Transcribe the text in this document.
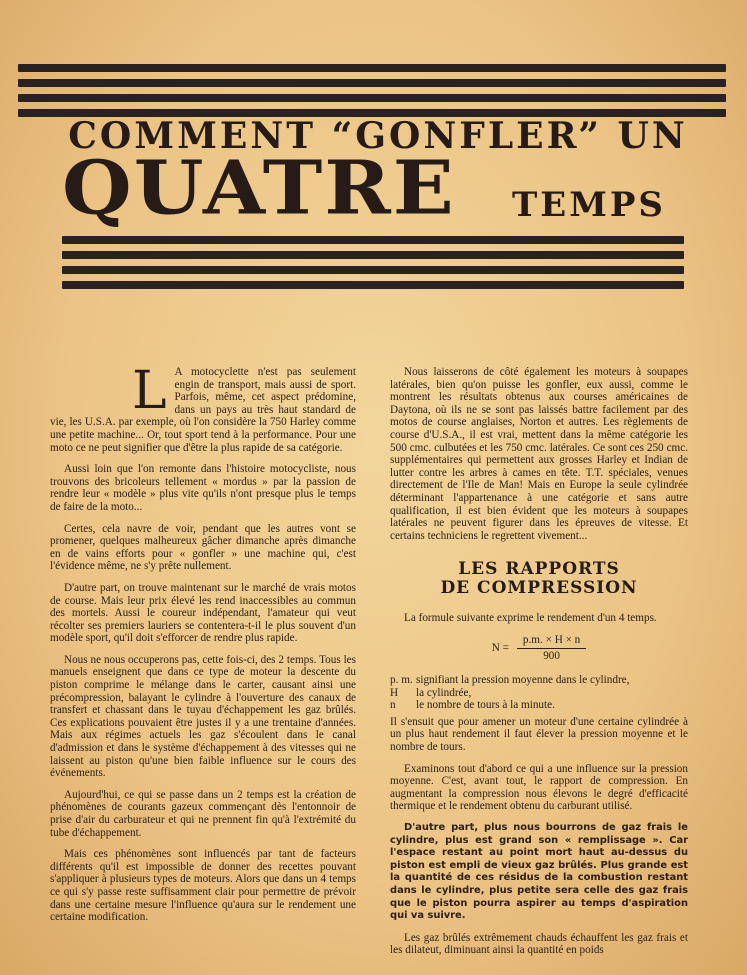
COMMENT “GONFLER” UN
QUATRE TEMPS

L A motocyclette n'est pas seulement engin de transport, mais aussi de sport. Parfois, même, cet aspect prédomine, dans un pays au très haut standard de vie, les U.S.A. par exemple, où l'on considère la 750 Harley comme une petite machine... Or, tout sport tend à la performance. Pour une moto ce ne peut signifier que d'être la plus rapide de sa catégorie.

Aussi loin que l'on remonte dans l'histoire motocycliste, nous trouvons des bricoleurs tellement « mordus » par la passion de rendre leur « modèle » plus vite qu'ils n'ont presque plus le temps de faire de la moto...

Certes, cela navre de voir, pendant que les autres vont se promener, quelques malheureux gâcher dimanche après dimanche en de vains efforts pour « gonfler » une machine qui, c'est l'évidence même, ne s'y prête nullement.

D'autre part, on trouve maintenant sur le marché de vrais motos de course. Mais leur prix élevé les rend inaccessibles au commun des mortels. Aussi le coureur indépendant, l'amateur qui veut récolter ses premiers lauriers se contentera-t-il le plus souvent d'un modèle sport, qu'il doit s'efforcer de rendre plus rapide.

Nous ne nous occuperons pas, cette fois-ci, des 2 temps. Tous les manuels enseignent que dans ce type de moteur la descente du piston comprime le mélange dans le carter, causant ainsi une précompression, balayant le cylindre à l'ouverture des canaux de transfert et chassant dans le tuyau d'échappement les gaz brûlés. Ces explications pouvaient être justes il y a une trentaine d'années. Mais aux régimes actuels les gaz s'écoulent dans le canal d'admission et dans le système d'échappement à des vitesses qui ne laissent au piston qu'une bien faible influence sur le cours des événements.

Aujourd'hui, ce qui se passe dans un 2 temps est la création de phénomènes de courants gazeux commençant dès l'entonnoir de prise d'air du carburateur et qui ne prennent fin qu'à l'extrémité du tube d'échappement.

Mais ces phénomènes sont influencés par tant de facteurs différents qu'il est impossible de donner des recettes pouvant s'appliquer à plusieurs types de moteurs. Alors que dans un 4 temps ce qui s'y passe reste suffisamment clair pour permettre de prévoir dans une certaine mesure l'influence qu'aura sur le rendement une certaine modification.

Nous laisserons de côté également les moteurs à soupapes latérales, bien qu'on puisse les gonfler, eux aussi, comme le montrent les résultats obtenus aux courses américaines de Daytona, où ils ne se sont pas laissés battre facilement par des motos de course anglaises, Norton et autres. Les règlements de course d'U.S.A., il est vrai, mettent dans la même catégorie les 500 cmc. culbutées et les 750 cmc. latérales. Ce sont ces 250 cmc. supplémentaires qui permettent aux grosses Harley et Indian de lutter contre les arbres à cames en tête. T.T. spéciales, venues directement de l'Ile de Man! Mais en Europe la seule cylindrée déterminant l'appartenance à une catégorie et sans autre qualification, il est bien évident que les moteurs à soupapes latérales ne peuvent figurer dans les épreuves de vitesse. Et certains techniciens le regrettent vivement...

LES RAPPORTS
DE COMPRESSION

La formule suivante exprime le rendement d'un 4 temps.

$N = \frac{p.m. \times H \times n}{900}$
p. m. signifiant la pression moyenne dans le cylindre,
H	la cylindrée,
n	le nombre de tours à la minute.

Il s'ensuit que pour amener un moteur d'une certaine cylindrée à un plus haut rendement il faut élever la pression moyenne et le nombre de tours.

Examinons tout d'abord ce qui a une influence sur la pression moyenne. C'est, avant tout, le rapport de compression. En augmentant la compression nous élevons le degré d'efficacité thermique et le rendement obtenu du carburant utilisé.

D'autre part, plus nous bourrons de gaz frais le cylindre, plus est grand son « remplissage ». Car l'espace restant au point mort haut au-dessus du piston est empli de vieux gaz brûlés. Plus grande est la quantité de ces résidus de la combustion restant dans le cylindre, plus petite sera celle des gaz frais que le piston pourra aspirer au temps d'aspiration qui va suivre.

Les gaz brûlés extrêmement chauds échauffent les gaz frais et les dilateut, diminuant ainsi la quantité en poids
